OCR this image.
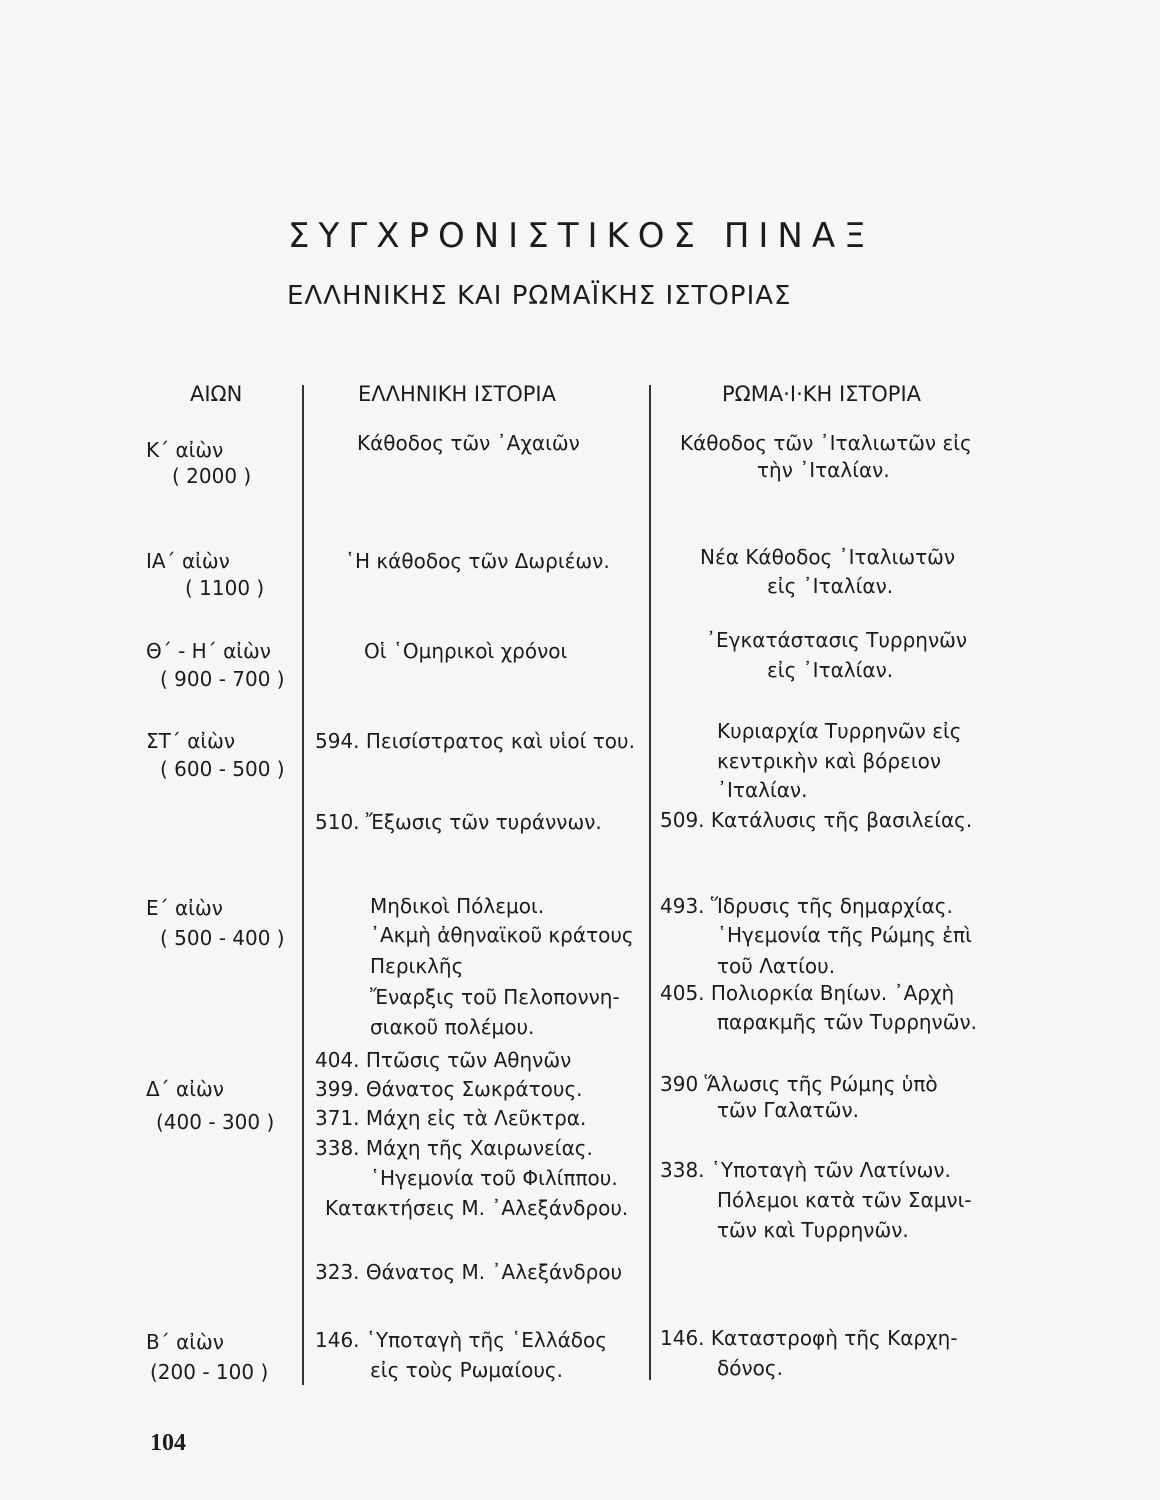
ΣΥΓΧΡΟΝΙΣΤΙΚΟΣ ΠΙΝΑΞ
ΕΛΛΗΝΙΚΗΣ ΚΑΙ ΡΩΜΑΪΚΗΣ ΙΣΤΟΡΙΑΣ
ΑΙΩΝ	ΕΛΛΗΝΙΚΗ ΙΣΤΟΡΙΑ	ΡΩΜΑ·Ι·ΚΗ ΙΣΤΟΡΙΑ
Κ΄ αἰὼν
( 2000 )
ΙΑ΄ αἰὼν
( 1100 )
Θ΄ - Η΄ αἰὼν
( 900 - 700 )
ΣΤ΄ αἰὼν
( 600 - 500 )
Ε΄ αἰὼν
( 500 - 400 )
Δ΄ αἰὼν
(400 - 300 )
Β΄ αἰὼν
(200 - 100 )
Κάθοδος τῶν ᾿Αχαιῶν
῾Η κάθοδος τῶν Δωριέων.
Οἱ ῾Ομηρικοὶ χρόνοι
594. Πεισίστρατος καὶ υἱοί του.
510. Ἔξωσις τῶν τυράννων.
Μηδικοὶ Πόλεμοι.
᾿Ακμὴ ἀθηναϊκοῦ κράτους
Περικλῆς
Ἔναρξις τοῦ Πελοποννη-
σιακοῦ πολέμου.
404. Πτῶσις τῶν Αθηνῶν
399. Θάνατος Σωκράτους.
371. Μάχη εἰς τὰ Λεῦκτρα.
338. Μάχη τῆς Χαιρωνείας.
῾Ηγεμονία τοῦ Φιλίππου.
Κατακτήσεις Μ. ᾿Αλεξάνδρου.
323. Θάνατος Μ. ᾿Αλεξάνδρου
146. ῾Υποταγὴ τῆς ῾Ελλάδος
εἰς τοὺς Ρωμαίους.
Κάθοδος τῶν ᾿Ιταλιωτῶν εἰς
τὴν ᾿Ιταλίαν.
Νέα Κάθοδος ᾿Ιταλιωτῶν
εἰς ᾿Ιταλίαν.
᾿Εγκατάστασις Τυρρηνῶν
εἰς ᾿Ιταλίαν.
Κυριαρχία Τυρρηνῶν εἰς
κεντρικὴν καὶ βόρειον
᾿Ιταλίαν.
509. Κατάλυσις τῆς βασιλείας.
493. Ἵδρυσις τῆς δημαρχίας.
῾Ηγεμονία τῆς Ρώμης ἐπὶ
τοῦ Λατίου.
405. Πολιορκία Βηίων. ᾿Αρχὴ
παρακμῆς τῶν Τυρρηνῶν.
390 Ἅλωσις τῆς Ρώμης ὑπὸ
τῶν Γαλατῶν.
338. ῾Υποταγὴ τῶν Λατίνων.
Πόλεμοι κατὰ τῶν Σαμνι-
τῶν καὶ Τυρρηνῶν.
146. Καταστροφὴ τῆς Καρχη-
δόνος.
104
